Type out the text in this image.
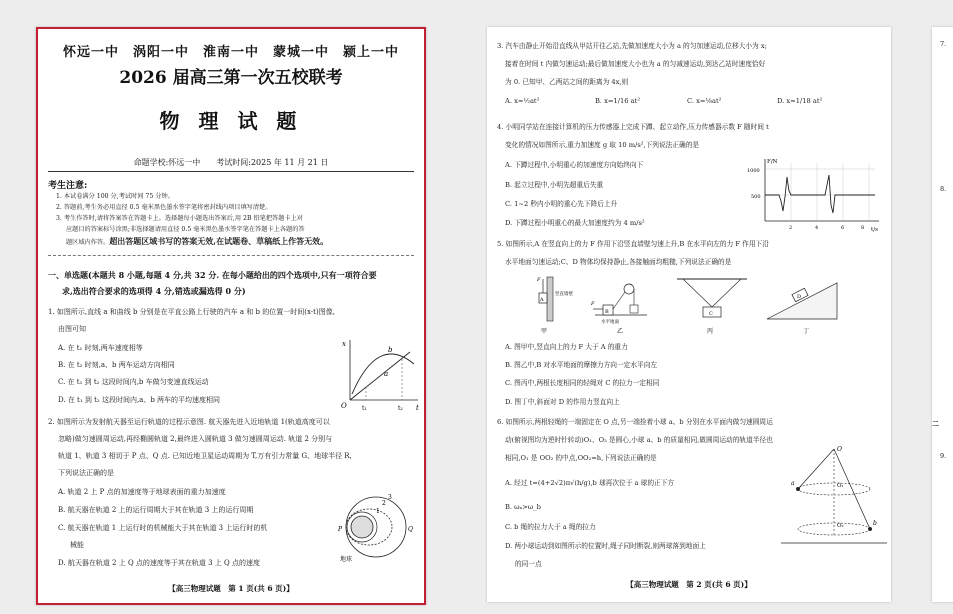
怀远一中　涡阳一中　淮南一中　蒙城一中　颍上一中
2026 届高三第一次五校联考
物 理 试 题
命题学校:怀远一中　　考试时间:2025 年 11 月 21 日
考生注意:
1. 本试卷满分 100 分,考试时间 75 分钟。
2. 答题前,考生务必用直径 0.5 毫米黑色墨水签字笔将密封线内项目填写清楚。
3. 考生作答时,请将答案答在答题卡上。选择题每小题选出答案后,用 2B 铅笔把答题卡上对
应题目的答案标号涂黑;非选择题请用直径 0.5 毫米黑色墨水签字笔在答题卡上各题的答
题区域内作答。超出答题区域书写的答案无效,在试题卷、草稿纸上作答无效。
一、单选题(本题共 8 小题,每题 4 分,共 32 分. 在每小题给出的四个选项中,只有一项符合要
求,选出符合要求的选项得 4 分,错选或漏选得 0 分)
1. 如图所示,直线 a 和曲线 b 分别是在平直公路上行驶的汽车 a 和 b 的位置一时间(x-t)图像,
由图可知
A. 在 t₁ 时刻,两车速度相等
B. 在 t₂ 时刻,a、b 两车运动方向相同
C. 在 t₁ 到 t₂ 这段时间内,b 车做匀变速直线运动
D. 在 t₁ 到 t₂ 这段时间内,a、b 两车的平均速度相同
x
t
O
a
b
t₁	t₂
2. 如图所示为发射航天器至运行轨道的过程示意图. 航天器先进入近地轨道 1(轨道高度可以
忽略)做匀速圆周运动,再经椭圆轨道 2,最终进入圆轨道 3 做匀速圆周运动. 轨道 2 分别与
轨道 1、轨道 3 相切于 P 点、Q 点. 已知近地卫星运动周期为 T,万有引力常量 G、地球半径 R,
下列说法正确的是
A. 轨道 2 上 P 点的加速度等于地球表面的重力加速度
B. 航天器在轨道 2 上的运行周期大于其在轨道 3 上的运行周期
C. 航天器在轨道 1 上运行时的机械能大于其在轨道 3 上运行时的机
械能
D. 航天器在轨道 2 上 Q 点的速度等于其在轨道 3 上 Q 点的速度	地球
1
2
3
P	Q
【高三物理试题　第 1 页(共 6 页)】
3. 汽车由静止开始沿直线从甲站开往乙站,先做加速度大小为 a 的匀加速运动,位移大小为 x;
接着在时间 t 内做匀速运动;最后做加速度大小也为 a 的匀减速运动,到达乙站时速度恰好
为 0. 已知甲、乙两站之间的距离为 4x,则
A. x=½at²	B. x=1/16 at²	C. x=⅛at²	D. x=1/18 at²
4. 小明同学站在连接计算机的压力传感器上完成下蹲、起立动作,压力传感器示数 F 随时间 t
变化的情况如图所示,重力加速度 g 取 10 m/s²,下列说法正确的是
A. 下蹲过程中,小明重心的加速度方向始终向下
B. 起立过程中,小明先超重后失重
C. 1~2 秒内小明的重心先下降后上升
D. 下蹲过程小明重心的最大加速度约为 4 m/s²
F/N
t/s
1000
500
2	4	6	8
5. 如图所示,A 在竖直向上的力 F 作用下沿竖直墙壁匀速上升,B 在水平向左的力 F 作用下沿
水平地面匀速运动;C、D 物体均保持静止,各接触面均粗糙,下列说法正确的是
F
A
竖直墙壁
甲
F
B
水平地面
乙
C
丙
D
丁
A. 图甲中,竖直向上的力 F 大于 A 的重力
B. 图乙中,B 对水平地面的摩擦力方向一定水平向左
C. 图丙中,两根长度相同的轻绳对 C 的拉力一定相同
D. 图丁中,斜面对 D 的作用力竖直向上
6. 如图所示,两根轻绳的一端固定在 O 点,另一端拴着小球 a、b 分别在水平面内做匀速圆周运
动(俯视图均为逆时针转动)O₁、O₂ 是圆心,小球 a、b 的质量相同,做圆周运动的轨道半径也
相同,O₁ 是 OO₂ 的中点,OO₂=h,下列说法正确的是
A. 经过 t=(4+2√2)π√(h/g),b 球再次位于 a 球的正下方
B. ωₐ>ω_b
C. b 绳的拉力大于 a 绳的拉力
D. 两小球运动到如图所示的位置时,绳子同时断裂,则两球落到地面上
的同一点
O
O₁
O₂
a
b
【高三物理试题　第 2 页(共 6 页)】
7.
8.
二
9.
